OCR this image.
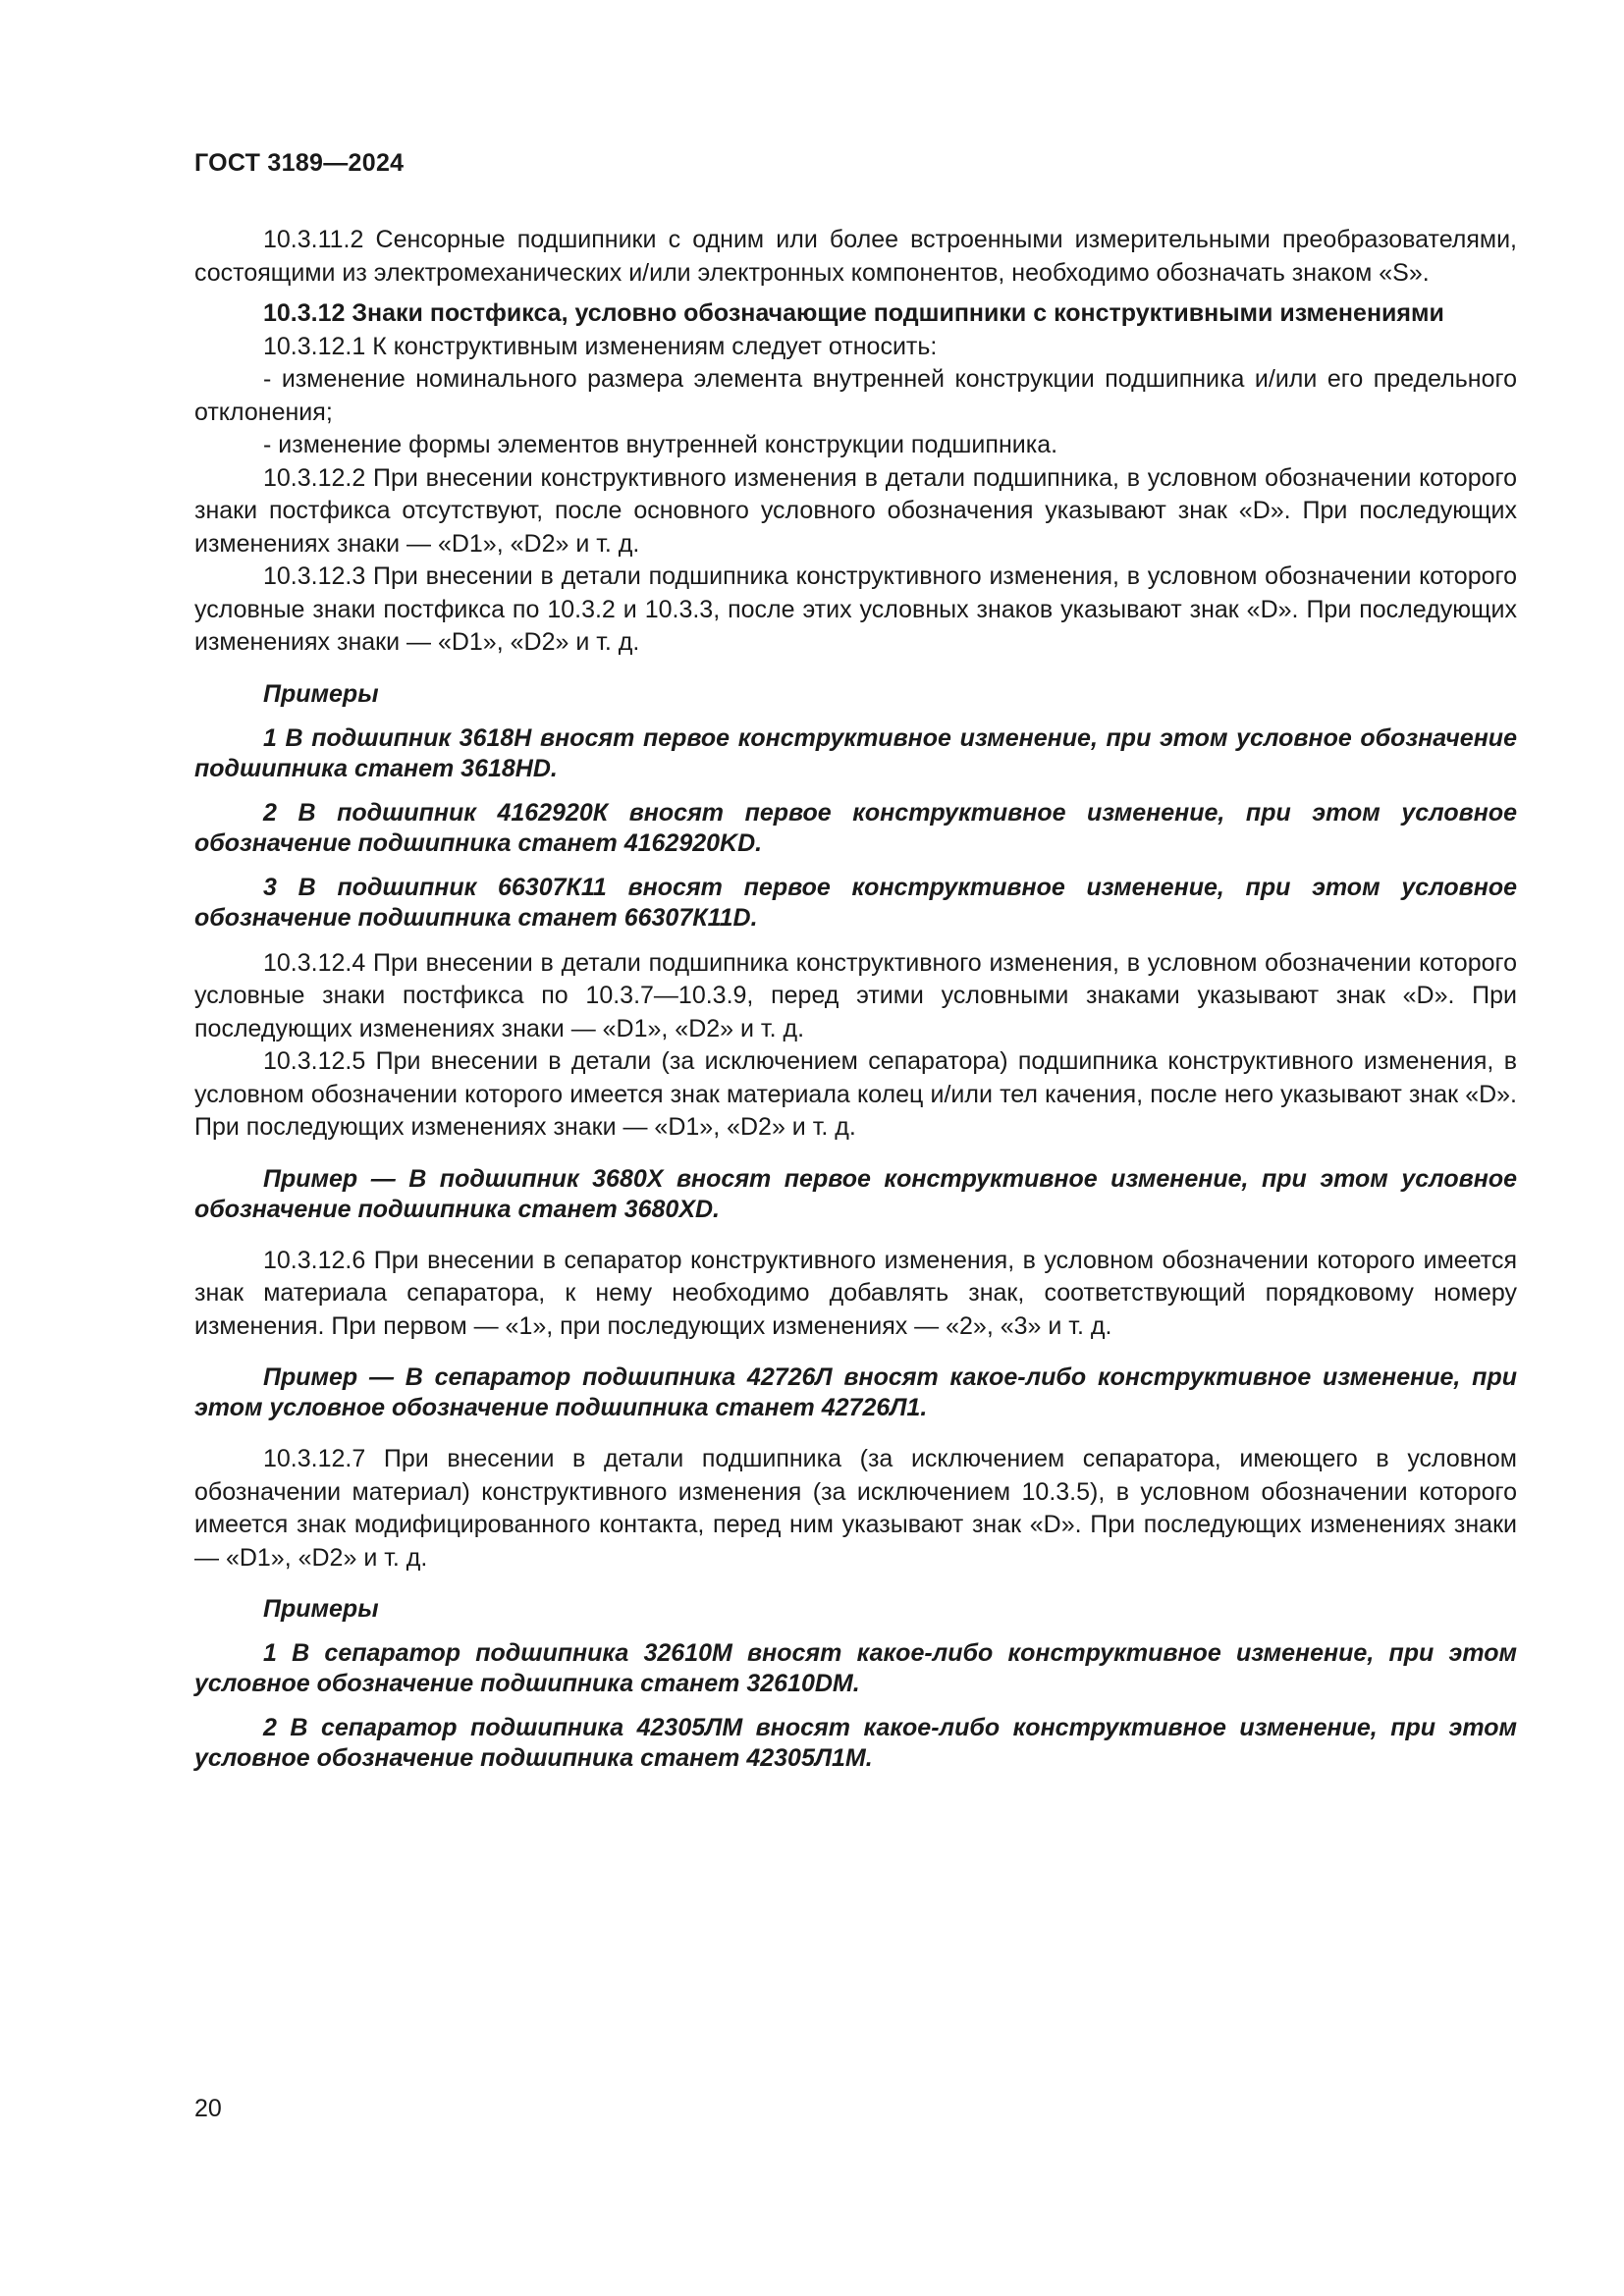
ГОСТ 3189—2024

10.3.11.2 Сенсорные подшипники с одним или более встроенными измерительными преобразователями, состоящими из электромеханических и/или электронных компонентов, необходимо обозначать знаком «S».

10.3.12 Знаки постфикса, условно обозначающие подшипники с конструктивными изменениями

10.3.12.1 К конструктивным изменениям следует относить:

- изменение номинального размера элемента внутренней конструкции подшипника и/или его предельного отклонения;

- изменение формы элементов внутренней конструкции подшипника.

10.3.12.2 При внесении конструктивного изменения в детали подшипника, в условном обозначении которого знаки постфикса отсутствуют, после основного условного обозначения указывают знак «D». При последующих изменениях знаки — «D1», «D2» и т. д.

10.3.12.3 При внесении в детали подшипника конструктивного изменения, в условном обозначении которого условные знаки постфикса по 10.3.2 и 10.3.3, после этих условных знаков указывают знак «D». При последующих изменениях знаки — «D1», «D2» и т. д.

Примеры

1 В подшипник 3618Н вносят первое конструктивное изменение, при этом условное обозначение подшипника станет 3618HD.

2 В подшипник 4162920К вносят первое конструктивное изменение, при этом условное обозначение подшипника станет 4162920KD.

3 В подшипник 66307К11 вносят первое конструктивное изменение, при этом условное обозначение подшипника станет 66307К11D.

10.3.12.4 При внесении в детали подшипника конструктивного изменения, в условном обозначении которого условные знаки постфикса по 10.3.7—10.3.9, перед этими условными знаками указывают знак «D». При последующих изменениях знаки — «D1», «D2» и т. д.

10.3.12.5 При внесении в детали (за исключением сепаратора) подшипника конструктивного изменения, в условном обозначении которого имеется знак материала колец и/или тел качения, после него указывают знак «D». При последующих изменениях знаки — «D1», «D2» и т. д.

Пример — В подшипник 3680Х вносят первое конструктивное изменение, при этом условное обозначение подшипника станет 3680XD.

10.3.12.6 При внесении в сепаратор конструктивного изменения, в условном обозначении которого имеется знак материала сепаратора, к нему необходимо добавлять знак, соответствующий порядковому номеру изменения. При первом — «1», при последующих изменениях — «2», «3» и т. д.

Пример — В сепаратор подшипника 42726Л вносят какое-либо конструктивное изменение, при этом условное обозначение подшипника станет 42726Л1.

10.3.12.7 При внесении в детали подшипника (за исключением сепаратора, имеющего в условном обозначении материал) конструктивного изменения (за исключением 10.3.5), в условном обозначении которого имеется знак модифицированного контакта, перед ним указывают знак «D». При последующих изменениях знаки — «D1», «D2» и т. д.

Примеры

1 В сепаратор подшипника 32610М вносят какое-либо конструктивное изменение, при этом условное обозначение подшипника станет 32610DM.

2 В сепаратор подшипника 42305ЛМ вносят какое-либо конструктивное изменение, при этом условное обозначение подшипника станет 42305Л1М.

20
